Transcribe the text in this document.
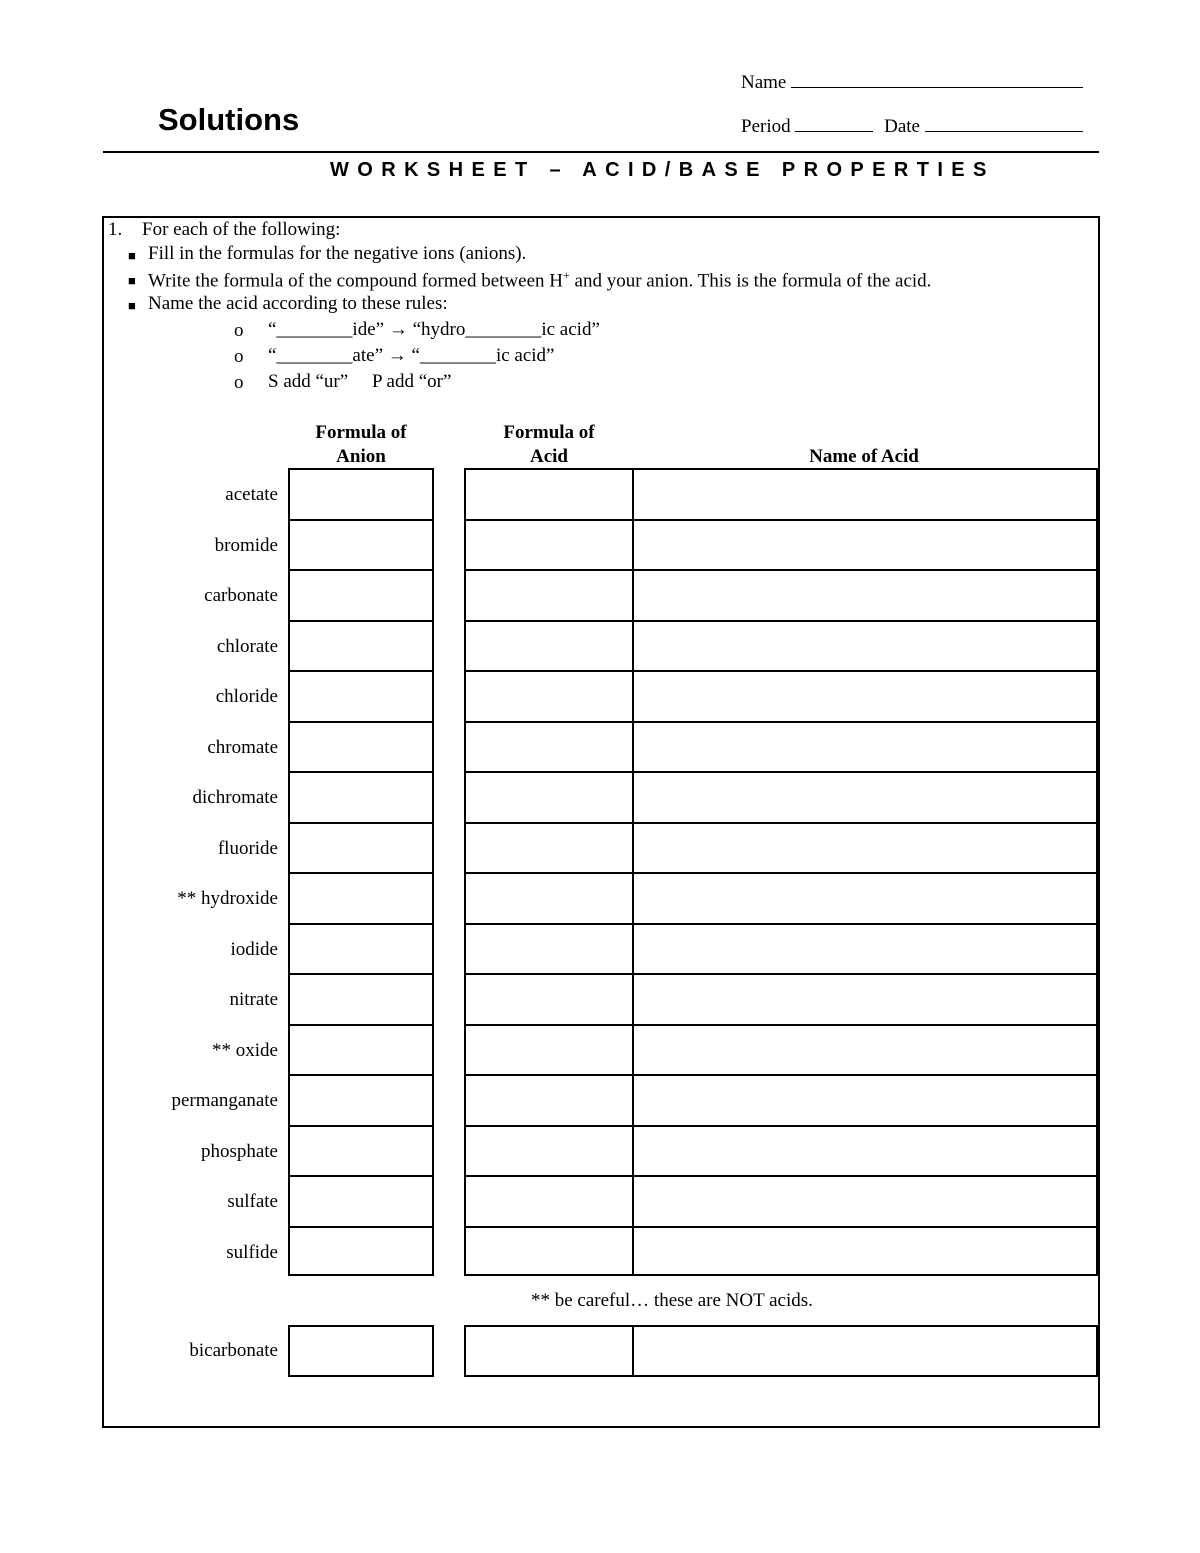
Name
Period	Date
Solutions
WORKSHEET – ACID/BASE PROPERTIES
1. For each of the following:
■ Fill in the formulas for the negative ions (anions).
■ Write the formula of the compound formed between H+ and your anion. This is the formula of the acid.
■ Name the acid according to these rules:
o “________ide” → “hydro________ic acid”
o “________ate” → “________ic acid”
o S add “ur”     P add “or”
Formula of
Anion
Formula of
Acid	Name of Acid
acetate
bromide
carbonate
chlorate
chloride
chromate
dichromate
fluoride
** hydroxide
iodide
nitrate
** oxide
permanganate
phosphate
sulfate
sulfide
** be careful… these are NOT acids.
bicarbonate
